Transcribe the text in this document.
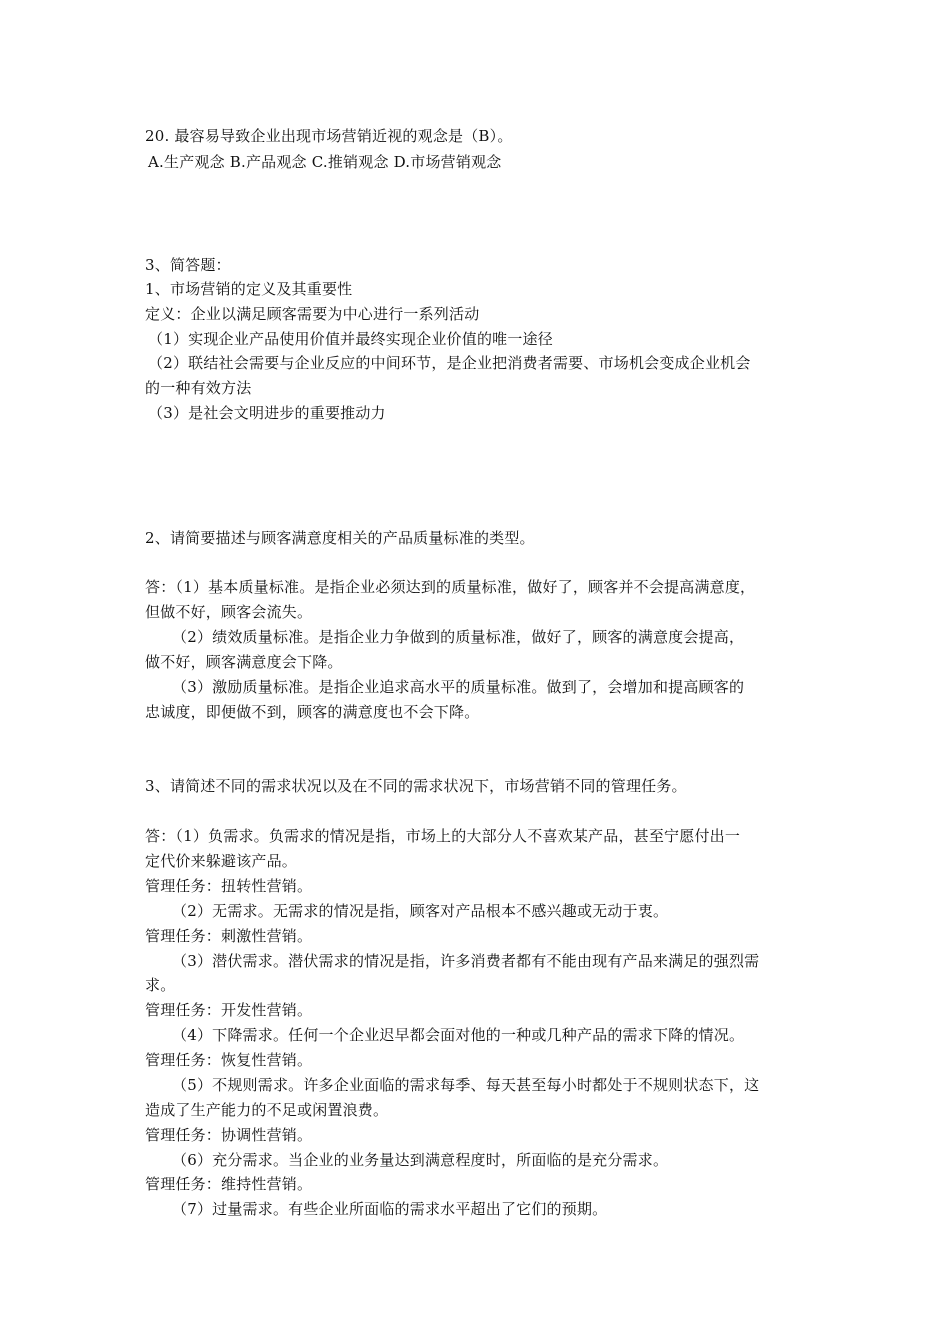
20. 最容易导致企业出现市场营销近视的观念是（B）。
A.生产观念 B.产品观念 C.推销观念 D.市场营销观念
3、简答题：
1、市场营销的定义及其重要性
定义：企业以满足顾客需要为中心进行一系列活动
（1）实现企业产品使用价值并最终实现企业价值的唯一途径
（2）联结社会需要与企业反应的中间环节，是企业把消费者需要、市场机会变成企业机会
的一种有效方法
（3）是社会文明进步的重要推动力
2、请简要描述与顾客满意度相关的产品质量标准的类型。
答：（1）基本质量标准。是指企业必须达到的质量标准，做好了，顾客并不会提高满意度，
但做不好，顾客会流失。
（2）绩效质量标准。是指企业力争做到的质量标准，做好了，顾客的满意度会提高，
做不好，顾客满意度会下降。
（3）激励质量标准。是指企业追求高水平的质量标准。做到了，会增加和提高顾客的
忠诚度，即便做不到，顾客的满意度也不会下降。
3、请简述不同的需求状况以及在不同的需求状况下，市场营销不同的管理任务。
答：（1）负需求。负需求的情况是指，市场上的大部分人不喜欢某产品，甚至宁愿付出一
定代价来躲避该产品。
管理任务：扭转性营销。
（2）无需求。无需求的情况是指，顾客对产品根本不感兴趣或无动于衷。
管理任务：刺激性营销。
（3）潜伏需求。潜伏需求的情况是指，许多消费者都有不能由现有产品来满足的强烈需
求。
管理任务：开发性营销。
（4）下降需求。任何一个企业迟早都会面对他的一种或几种产品的需求下降的情况。
管理任务：恢复性营销。
（5）不规则需求。许多企业面临的需求每季、每天甚至每小时都处于不规则状态下，这
造成了生产能力的不足或闲置浪费。
管理任务：协调性营销。
（6）充分需求。当企业的业务量达到满意程度时，所面临的是充分需求。
管理任务：维持性营销。
（7）过量需求。有些企业所面临的需求水平超出了它们的预期。
